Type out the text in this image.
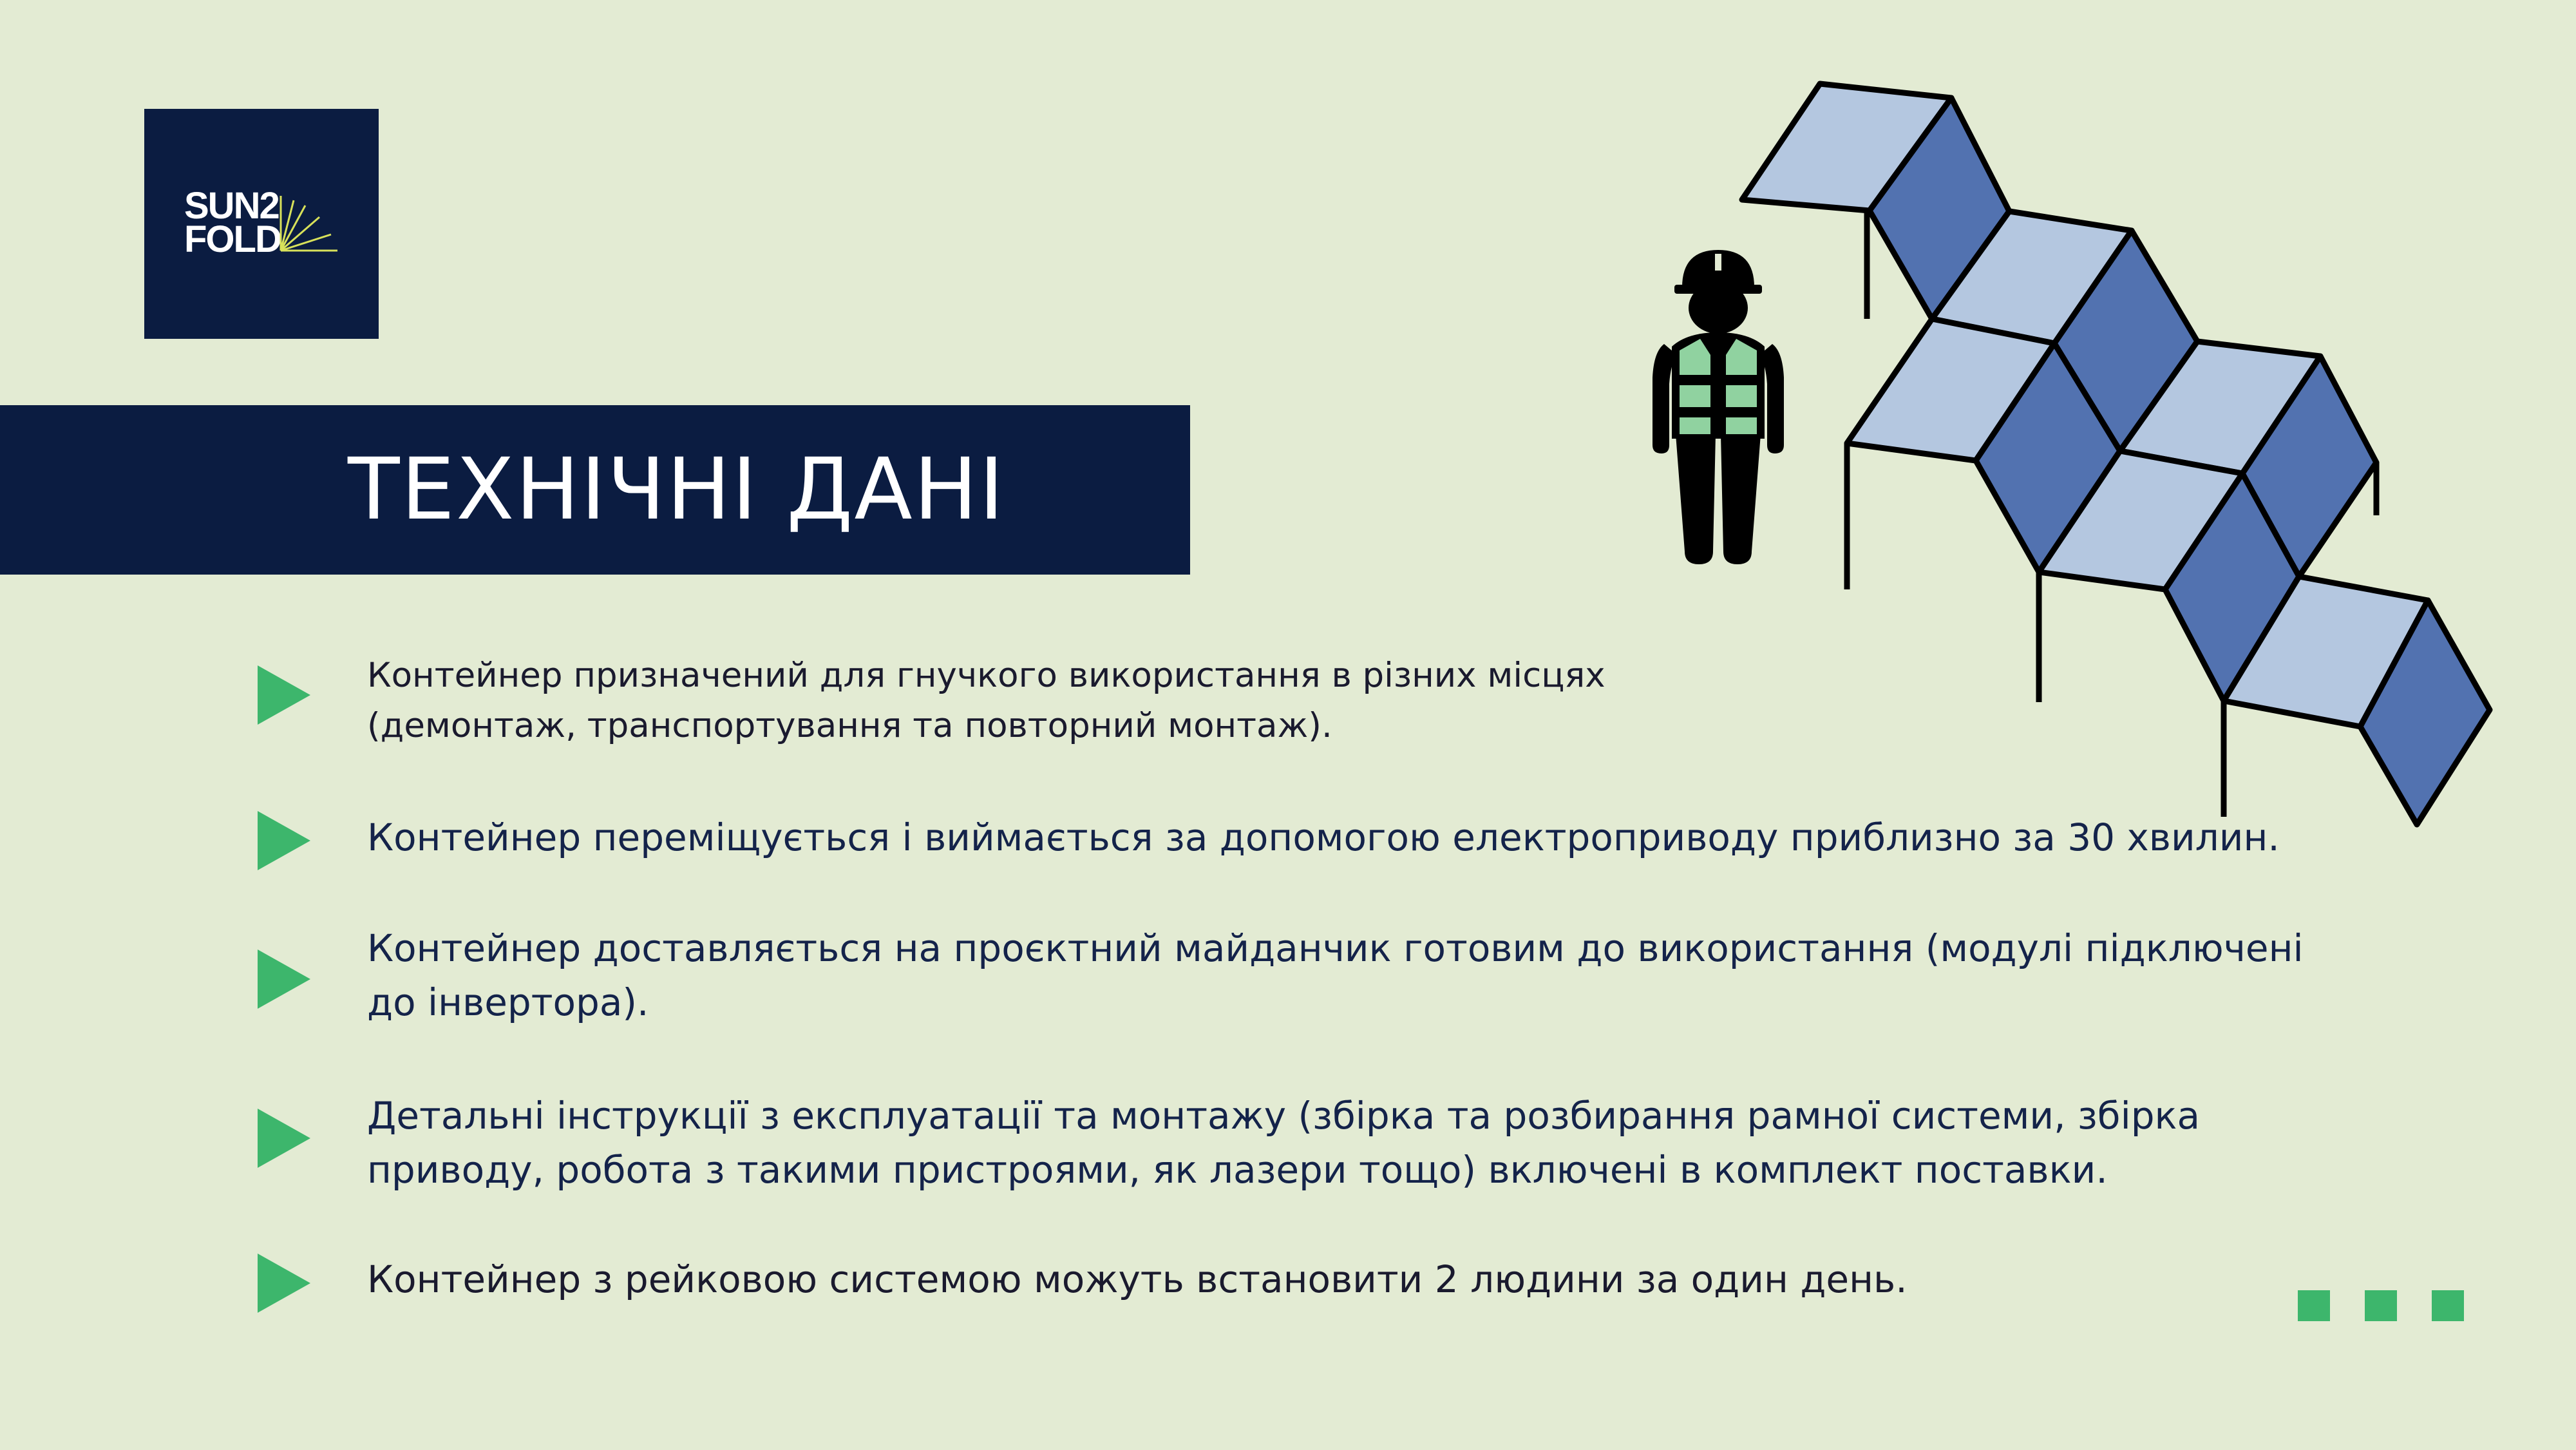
SUN2
FOLD
ТЕХНІЧНІ ДАНІ
Контейнер призначений для гнучкого використання в різних місцях
(демонтаж, транспортування та повторний монтаж).
Контейнер переміщується і виймається за допомогою електроприводу приблизно за 30 хвилин.
Контейнер доставляється на проєктний майданчик готовим до використання (модулі підключені
до інвертора).
Детальні інструкції з експлуатації та монтажу (збірка та розбирання рамної системи, збірка
приводу, робота з такими пристроями, як лазери тощо) включені в комплект поставки.
Контейнер з рейковою системою можуть встановити 2 людини за один день.
